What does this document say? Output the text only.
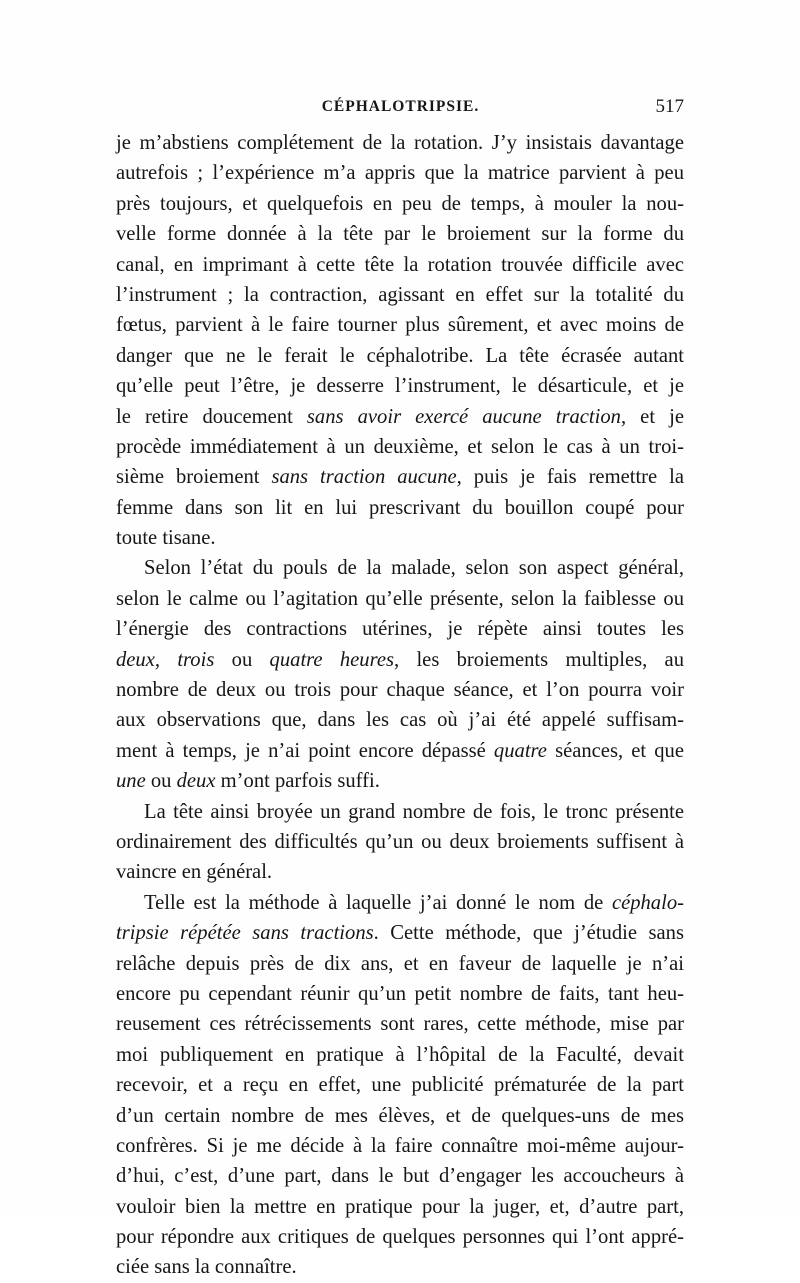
CÉPHALOTRIPSIE.	517
je m’abstiens complétement de la rotation. J’y insistais davantage
autrefois ; l’expérience m’a appris que la matrice parvient à peu
près toujours, et quelquefois en peu de temps, à mouler la nou-
velle forme donnée à la tête par le broiement sur la forme du
canal, en imprimant à cette tête la rotation trouvée difficile avec
l’instrument ; la contraction, agissant en effet sur la totalité du
fœtus, parvient à le faire tourner plus sûrement, et avec moins de
danger que ne le ferait le céphalotribe. La tête écrasée autant
qu’elle peut l’être, je desserre l’instrument, le désarticule, et je
le retire doucement sans avoir exercé aucune traction, et je
procède immédiatement à un deuxième, et selon le cas à un troi-
sième broiement sans traction aucune, puis je fais remettre la
femme dans son lit en lui prescrivant du bouillon coupé pour
toute tisane.
Selon l’état du pouls de la malade, selon son aspect général,
selon le calme ou l’agitation qu’elle présente, selon la faiblesse ou
l’énergie des contractions utérines, je répète ainsi toutes les
deux, trois ou quatre heures, les broiements multiples, au
nombre de deux ou trois pour chaque séance, et l’on pourra voir
aux observations que, dans les cas où j’ai été appelé suffisam-
ment à temps, je n’ai point encore dépassé quatre séances, et que
une ou deux m’ont parfois suffi.
La tête ainsi broyée un grand nombre de fois, le tronc présente
ordinairement des difficultés qu’un ou deux broiements suffisent à
vaincre en général.
Telle est la méthode à laquelle j’ai donné le nom de céphalo-
tripsie répétée sans tractions. Cette méthode, que j’étudie sans
relâche depuis près de dix ans, et en faveur de laquelle je n’ai
encore pu cependant réunir qu’un petit nombre de faits, tant heu-
reusement ces rétrécissements sont rares, cette méthode, mise par
moi publiquement en pratique à l’hôpital de la Faculté, devait
recevoir, et a reçu en effet, une publicité prématurée de la part
d’un certain nombre de mes élèves, et de quelques-uns de mes
confrères. Si je me décide à la faire connaître moi-même aujour-
d’hui, c’est, d’une part, dans le but d’engager les accoucheurs à
vouloir bien la mettre en pratique pour la juger, et, d’autre part,
pour répondre aux critiques de quelques personnes qui l’ont appré-
ciée sans la connaître.
